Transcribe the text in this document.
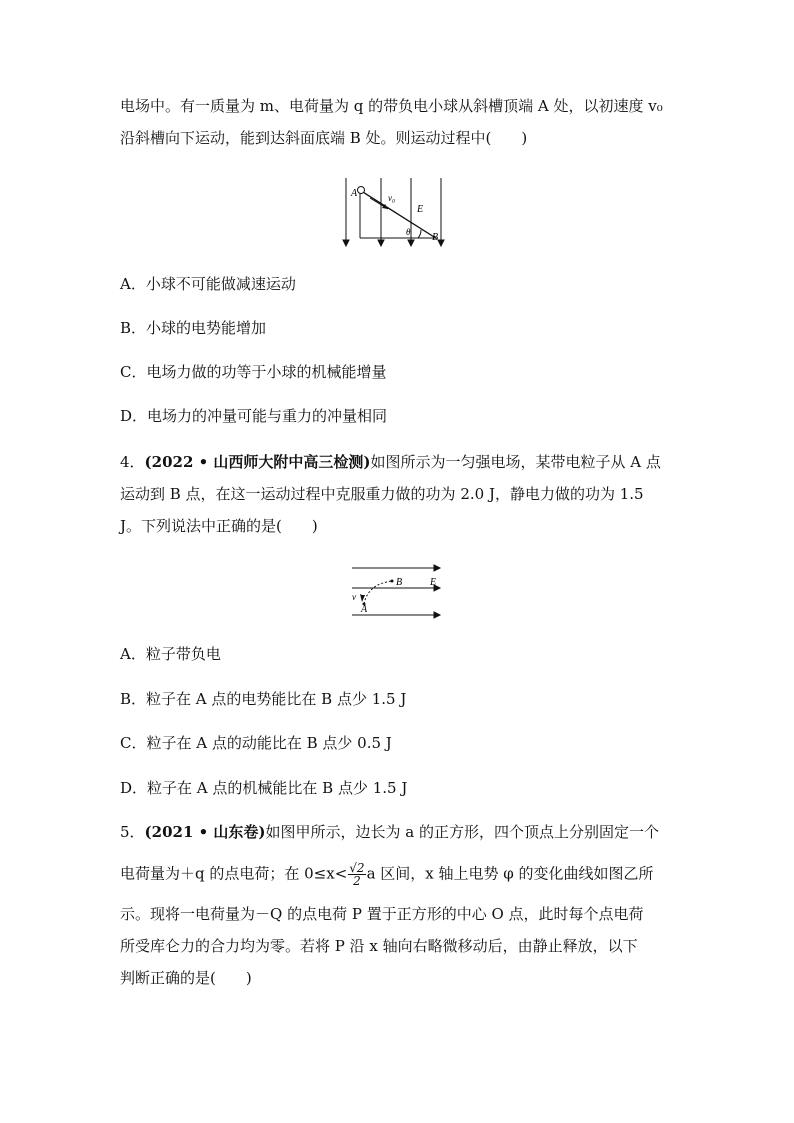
电场中。有一质量为 m、电荷量为 q 的带负电小球从斜槽顶端 A 处，以初速度 v₀
沿斜槽向下运动，能到达斜面底端 B 处。则运动过程中(　　)
A	v₀
E
θ B
A．小球不可能做减速运动
B．小球的电势能增加
C．电场力做的功等于小球的机械能增量
D．电场力的冲量可能与重力的冲量相同
4．(2022 • 山西师大附中高三检测)如图所示为一匀强电场，某带电粒子从 A 点
运动到 B 点，在这一运动过程中克服重力做的功为 2.0 J，静电力做的功为 1.5
J。下列说法中正确的是(　　)
B	E
v
A
A．粒子带负电
B．粒子在 A 点的电势能比在 B 点少 1.5 J
C．粒子在 A 点的动能比在 B 点少 0.5 J
D．粒子在 A 点的机械能比在 B 点少 1.5 J
5．(2021 • 山东卷)如图甲所示，边长为 a 的正方形，四个顶点上分别固定一个
电荷量为＋q 的点电荷；在 $0\le x< \frac{√2}{2}$ a 区间，x 轴上电势 φ 的变化曲线如图乙所
示。现将一电荷量为－Q 的点电荷 P 置于正方形的中心 O 点，此时每个点电荷
所受库仑力的合力均为零。若将 P 沿 x 轴向右略微移动后，由静止释放，以下
判断正确的是(　　)
